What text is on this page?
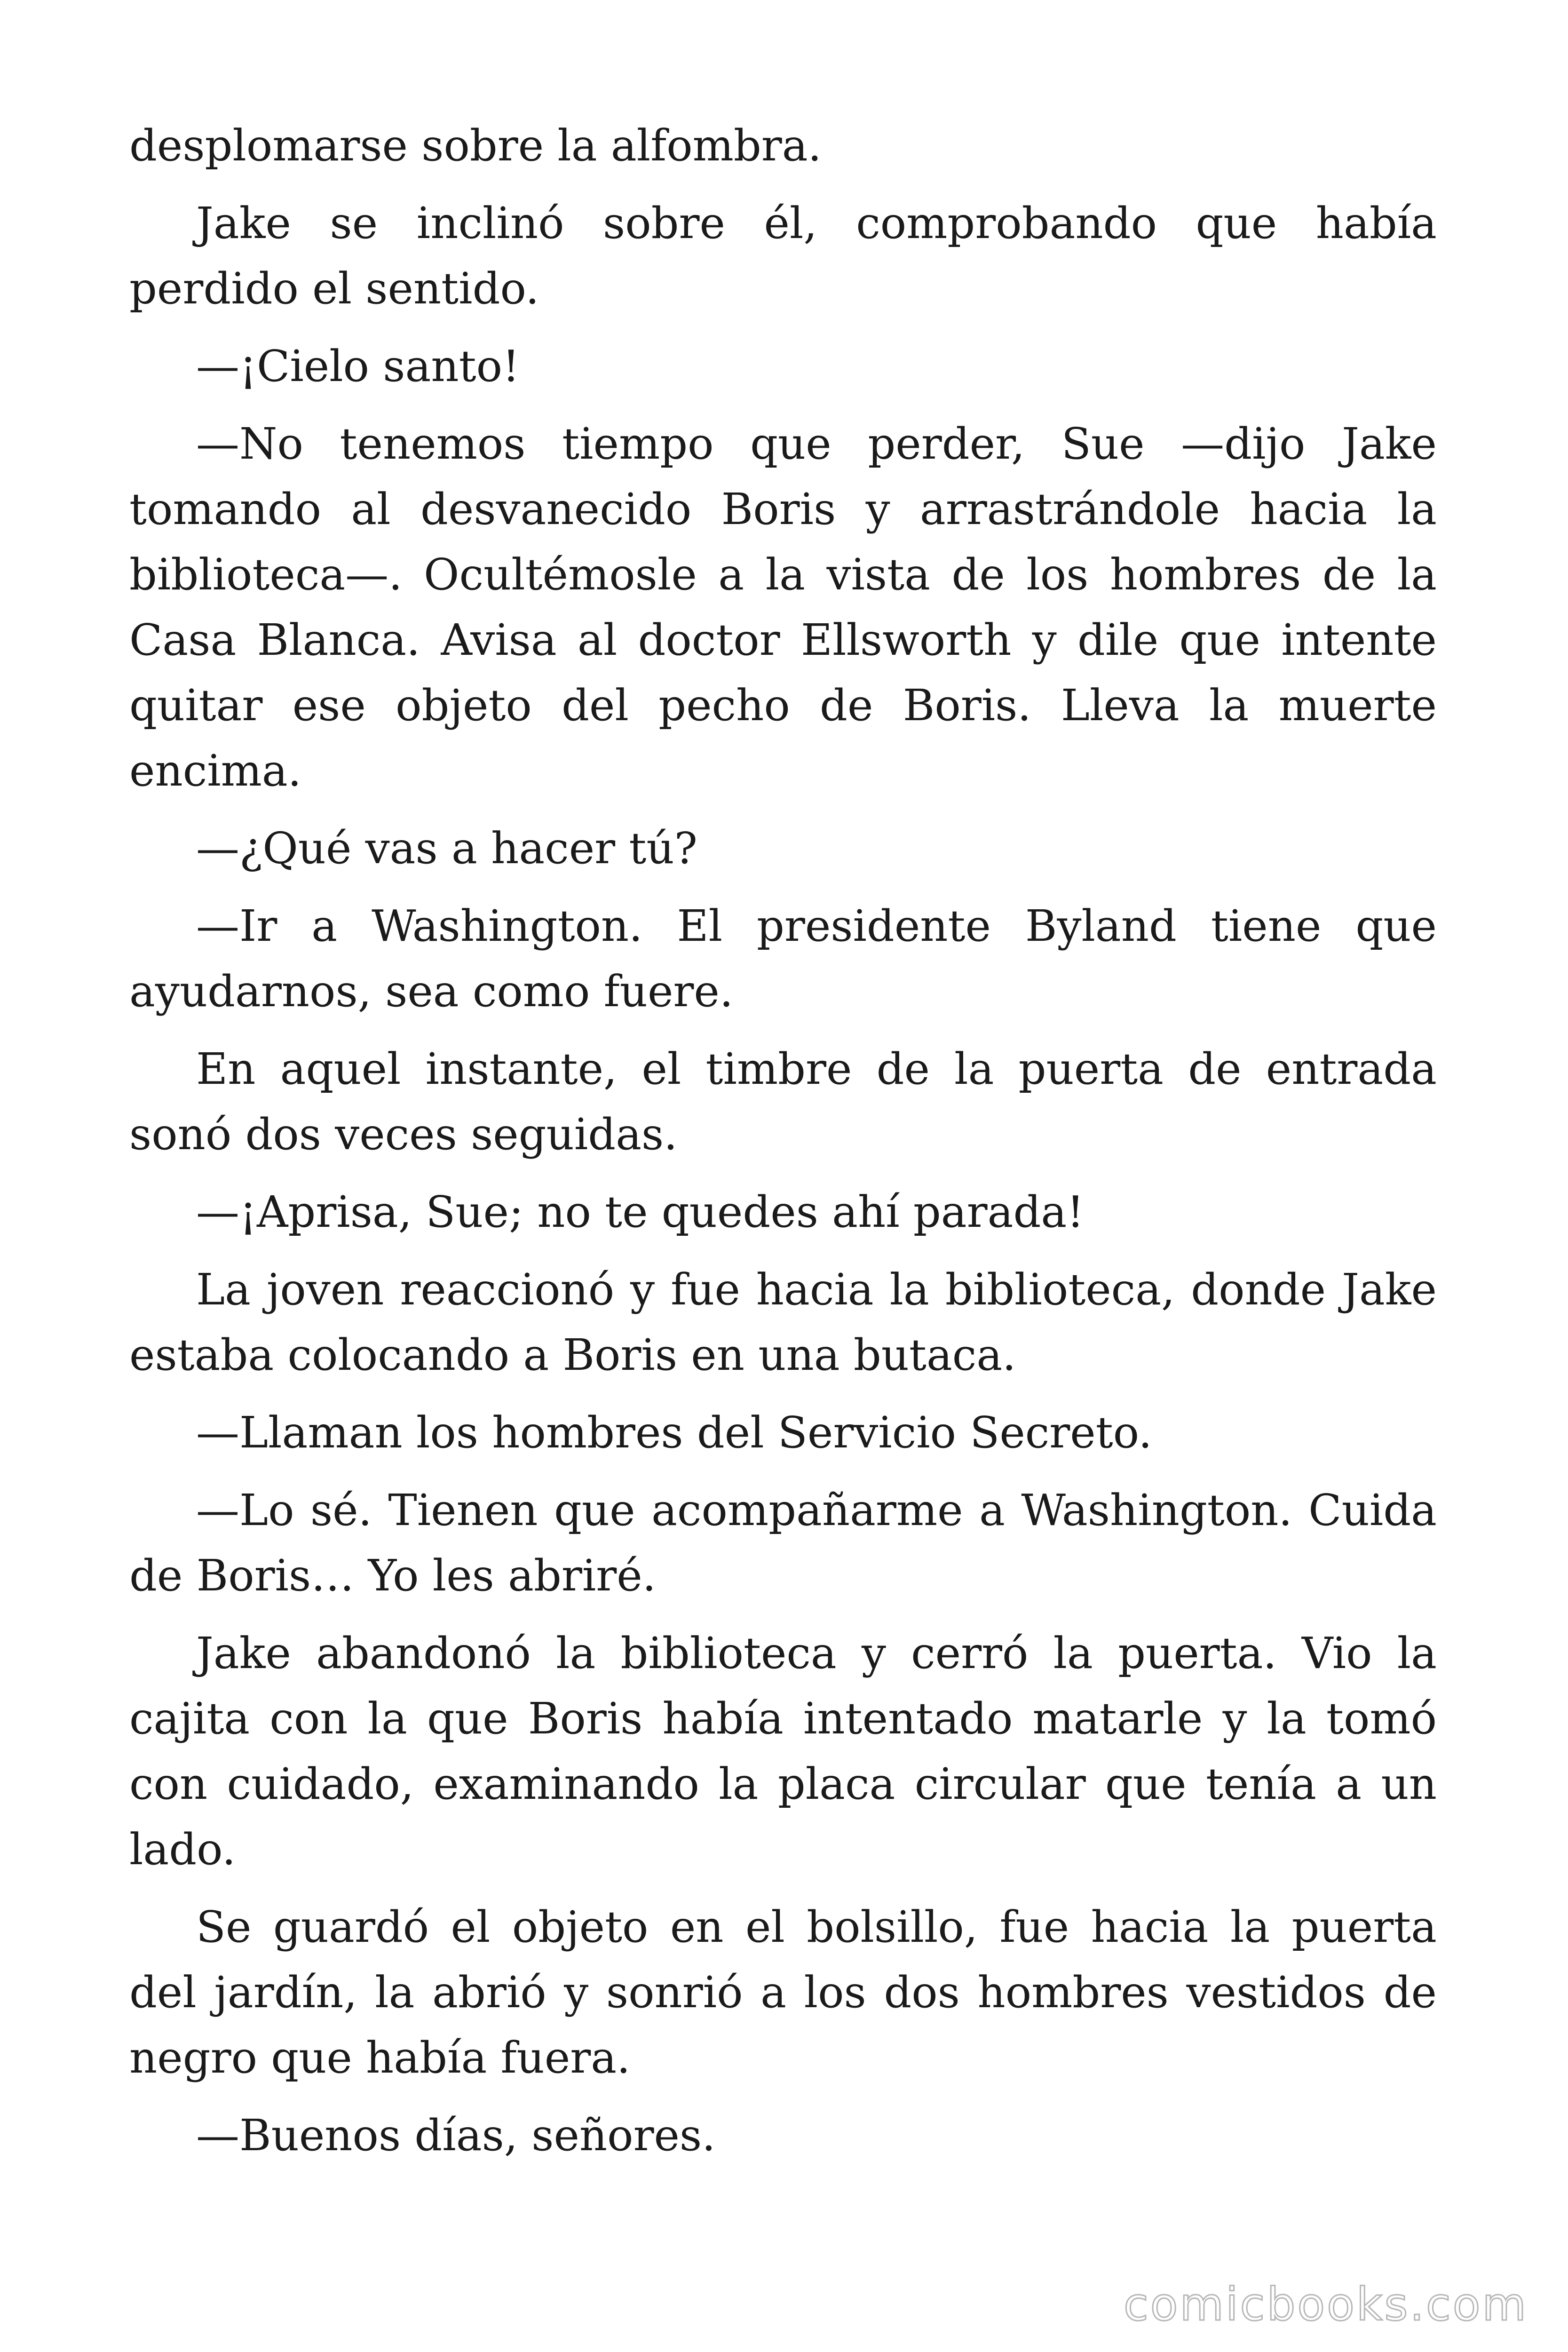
desplomarse sobre la alfombra.

Jake se inclinó sobre él, comprobando que había perdido el sentido.

—¡Cielo santo!

—No tenemos tiempo que perder, Sue —dijo Jake tomando al desvanecido Boris y arrastrándole hacia la biblioteca—. Ocultémosle a la vista de los hombres de la Casa Blanca. Avisa al doctor Ellsworth y dile que intente quitar ese objeto del pecho de Boris. Lleva la muerte encima.

—¿Qué vas a hacer tú?

—Ir a Washington. El presidente Byland tiene que ayudarnos, sea como fuere.

En aquel instante, el timbre de la puerta de entrada sonó dos veces seguidas.

—¡Aprisa, Sue; no te quedes ahí parada!

La joven reaccionó y fue hacia la biblioteca, donde Jake estaba colocando a Boris en una butaca.

—Llaman los hombres del Servicio Secreto.

—Lo sé. Tienen que acompañarme a Washington. Cuida de Boris… Yo les abriré.

Jake abandonó la biblioteca y cerró la puerta. Vio la cajita con la que Boris había intentado matarle y la tomó con cuidado, examinando la placa circular que tenía a un lado.

Se guardó el objeto en el bolsillo, fue hacia la puerta del jardín, la abrió y sonrió a los dos hombres vestidos de negro que había fuera.

—Buenos días, señores.

comicbooks.com
